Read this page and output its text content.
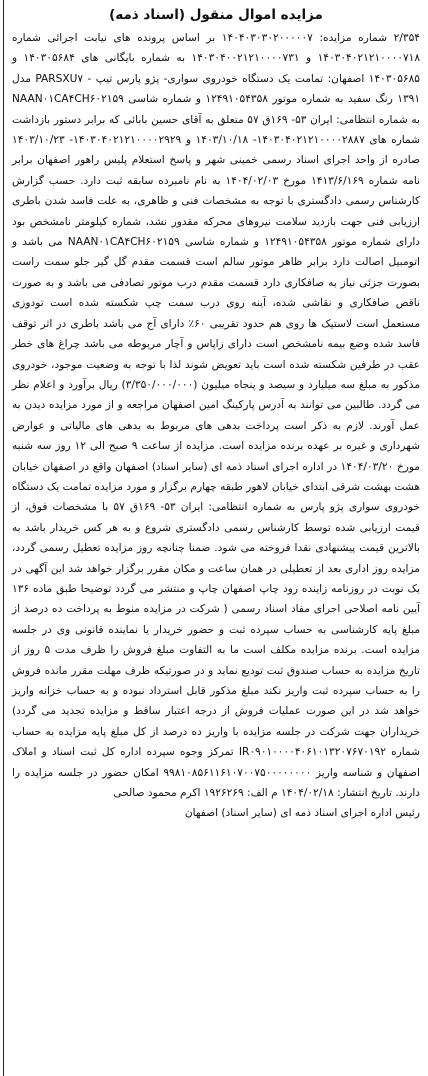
مزایده اموال منقول (اسناد ذمه)

۲/۳۵۴ شماره مزایده: ۱۴۰۴۰۳۰۳۰۲۰۰۰۰۰۷ بر اساس پرونده های نیابت اجرائی شماره ۱۴۰۳۰۴۰۲۱۲۱۰۰۰۰۷۱۸ و ۱۴۰۳۰۴۰۰۲۱۲۱۰۰۰۰۷۳۱ به شماره بایگانی های ۱۴۰۳۰۵۶۸۴ و ۱۴۰۳۰۵۶۸۵ اصفهان: تمامت یک دستگاه خودروی سواری- پژو پارس تیپ - PARSXU۷ مدل ۱۳۹۱ رنگ سفید به شماره موتور ۱۲۴۹۱۰۵۴۳۵۸ و شماره شاسی NAAN۰۱CA۴CH۶۰۲۱۵۹ به شماره انتظامی: ایران ۵۳- ۱۶۹ق ۵۷ متعلق به آقای حسین بابائی که برابر دستور بازداشت شماره های ۱۴۰۳۰۴۰۲۱۲۱۰۰۰۰۲۸۸۷- ۱۴۰۳/۱۰/۱۸ و ۱۴۰۳۰۴۰۲۱۲۱۰۰۰۰۲۹۲۹- ۱۴۰۳/۱۰/۲۳ صادره از واحد اجرای اسناد رسمی خمینی شهر و پاسخ استعلام پلیس راهور اصفهان برابر نامه شماره ۱۴۱۳/۶/۱۶۹ مورخ ۱۴۰۴/۰۲/۰۳ به نام نامبرده سابقه ثبت دارد. حسب گزارش کارشناس رسمی دادگستری با توجه به مشخصات فنی و ظاهری، به علت فاسد شدن باطری ارزیابی فنی جهت بازدید سلامت نیروهای محرکه مقدور نشد، شماره کیلومتر نامشخص بود دارای شماره موتور ۱۲۴۹۱۰۵۴۳۵۸ و شماره شاسی NAAN۰۱CA۴CH۶۰۲۱۵۹ می باشد و اتومبیل اصالت دارد برابر ظاهر موتور سالم است قسمت مقدم گل گیر جلو سمت راست بصورت جزئی نیاز به صافکاری دارد قسمت مقدم درب موتور تصادفی می باشد و به صورت ناقص صافکاری و نقاشی شده، آینه روی درب سمت چپ شکسته شده است تودوزی مستعمل است لاستیک ها روی هم حدود تقریبی ۶۰٪ دارای آج می باشد باطری در اثر توقف فاسد شده وضع بیمه نامشخص است دارای زاپاس و آچار مربوطه می باشد چراغ های خطر عقب در طرفین شکسته شده است باید تعویض شوند لذا با توجه به وضعیت موجود، خودروی مذکور به مبلغ سه میلیارد و سیصد و پنجاه میلیون (۳/۳۵۰/۰۰۰/۰۰۰) ریال برآورد و اعلام نظر می گردد. طالبین می توانند به آدرس پارکینگ امین اصفهان مراجعه و از مورد مزایده دیدن به عمل آورند. لازم به ذکر است پرداخت بدهی های مربوط به بدهی های مالیاتی و عوارض شهرداری و غیره بر عهده برنده مزایده است. مزایده از ساعت ۹ صبح الی ۱۲ روز سه شنبه مورخ ۱۴۰۴/۰۳/۲۰ در اداره اجرای اسناد ذمه ای (سایر اسناد) اصفهان واقع در اصفهان خیابان هشت بهشت شرقی ابتدای خیابان لاهور طبقه چهارم برگزار و مورد مزایده تمامت یک دستگاه خودروی سواری پژو پارس به شماره انتظامی: ایران ۵۳- ۱۶۹ق ۵۷ با مشخصات فوق، از قیمت ارزیابی شده توسط کارشناس رسمی دادگستری شروع و به هر کس خریدار باشد به بالاترین قیمت پیشنهادی نقدا فروخته می شود. ضمنا چنانچه روز مزایده تعطیل رسمی گردد، مزایده روز اداری بعد از تعطیلی در همان ساعت و مکان مقرر برگزار خواهد شد این آگهی در یک نوبت در روزنامه زاینده رود چاپ اصفهان چاپ و منتشر می گردد توضیحا طبق ماده ۱۳۶ آیین نامه اصلاحی اجرای مفاد اسناد رسمی ( شرکت در مزایده منوط به پرداخت ده درصد از مبلغ پایه کارشناسی به حساب سپرده ثبت و حضور خریدار یا نماینده قانونی وی در جلسه مزایده است. برنده مزایده مکلف است ما به التفاوت مبلغ فروش را ظرف مدت ۵ روز از تاریخ مزایده به حساب صندوق ثبت تودیع نماید و در صورتیکه ظرف مهلت مقرر مانده فروش را به حساب سپرده ثبت واریز نکند مبلغ مذکور قابل استرداد نبوده و به حساب خزانه واریز خواهد شد در این صورت عملیات فروش از درجه اعتبار ساقط و مزایده تجدید می گردد) خریداران جهت شرکت در جلسه مزایده با واریز ده درصد از کل مبلغ پایه مزایده به حساب شماره IR۰۹۰۱۰۰۰۰۴۰۶۱۰۱۳۲۰۷۶۷۰۱۹۲ تمرکز وجوه سپرده اداره کل ثبت اسناد و املاک اصفهان و شناسه واریز ۹۹۸۱۰۸۵۶۱۱۶۱۰۷۰۰۷۵۰۰۰۰۰۰۰۰ امکان حضور در جلسه مزایده را دارند. تاریخ انتشار: ۱۴۰۴/۰۲/۱۸ م الف: ۱۹۲۶۲۶۹ اکرم محمود صالحی

رئیس اداره اجرای اسناد ذمه ای (سایر اسناد) اصفهان
